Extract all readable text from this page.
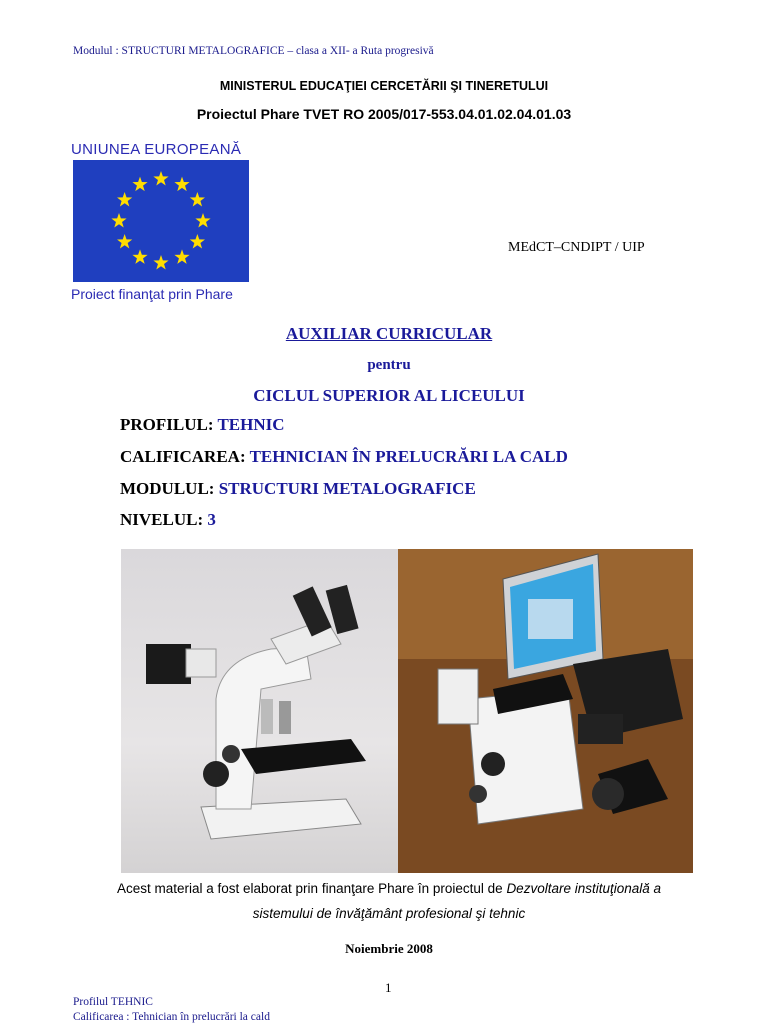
Modulul : STRUCTURI METALOGRAFICE – clasa a XII- a Ruta progresivă
MINISTERUL EDUCAŢIEI CERCETĂRII ŞI TINERETULUI
Proiectul Phare TVET RO 2005/017-553.04.01.02.04.01.03
UNIUNEA EUROPEANĂ
Proiect finanţat prin Phare
MEdCT–CNDIPT / UIP
AUXILIAR CURRICULAR
pentru
CICLUL SUPERIOR AL LICEULUI
PROFILUL: TEHNIC
CALIFICAREA: TEHNICIAN ÎN PRELUCRĂRI LA CALD
MODULUL: STRUCTURI METALOGRAFICE
NIVELUL: 3
Acest material a fost elaborat prin finanţare Phare în proiectul de Dezvoltare instituţională a
sistemului de învăţământ profesional şi tehnic
Noiembrie 2008
1
Profilul TEHNIC
Calificarea : Tehnician în prelucrări la cald
